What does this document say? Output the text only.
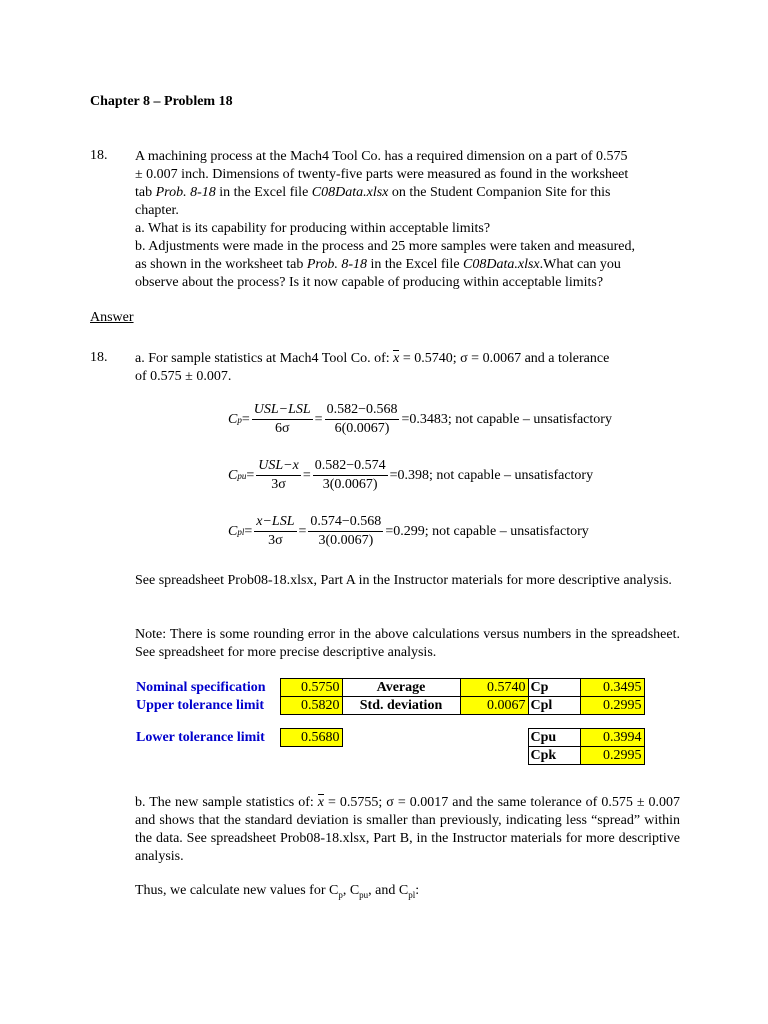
Chapter 8 – Problem 18
18. A machining process at the Mach4 Tool Co. has a required dimension on a part of 0.575
± 0.007 inch. Dimensions of twenty-five parts were measured as found in the worksheet
tab Prob. 8-18 in the Excel file C08Data.xlsx on the Student Companion Site for this
chapter.
a. What is its capability for producing within acceptable limits?
b. Adjustments were made in the process and 25 more samples were taken and measured,
as shown in the worksheet tab Prob. 8-18 in the Excel file C08Data.xlsx.What can you
observe about the process? Is it now capable of producing within acceptable limits?
Answer
18. a. For sample statistics at Mach4 Tool Co. of: x = 0.5740; σ = 0.0067 and a tolerance
of 0.575 ± 0.007.
C $p = \frac{\text{USL−LSL}}{6\sigma} = \frac{0.582-0.568}{6(0.0067)} =0.3483$ ; not capable – unsatisfactory
C pu = $\frac{\text{USL−x}}{3\sigma} = \frac{0.582-0.574}{3(0.0067)} =0.398$ ; not capable – unsatisfactory
C pl = $\frac{\text{x−LSL}}{3\sigma} = \frac{0.574-0.568}{3(0.0067)} =0.299$ ; not capable – unsatisfactory
See spreadsheet Prob08-18.xlsx, Part A in the Instructor materials for more descriptive analysis.
Note: There is some rounding error in the above calculations versus numbers in the spreadsheet. See spreadsheet for more precise descriptive analysis.
Nominal specification	0.5750	Average	0.5740	Cp	0.3495
Upper tolerance limit	0.5820	Std. deviation	0.0067	Cpl	0.2995

Lower tolerance limit	0.5680			Cpu	0.3994
				Cpk	0.2995
b. The new sample statistics of: x = 0.5755; σ = 0.0017 and the same tolerance of 0.575 ± 0.007 and shows that the standard deviation is smaller than previously, indicating less “spread” within the data. See spreadsheet Prob08-18.xlsx, Part B, in the Instructor materials for more descriptive analysis.
Thus, we calculate new values for $C_p$, $C_{pu}$, and $C_{pl}$:
